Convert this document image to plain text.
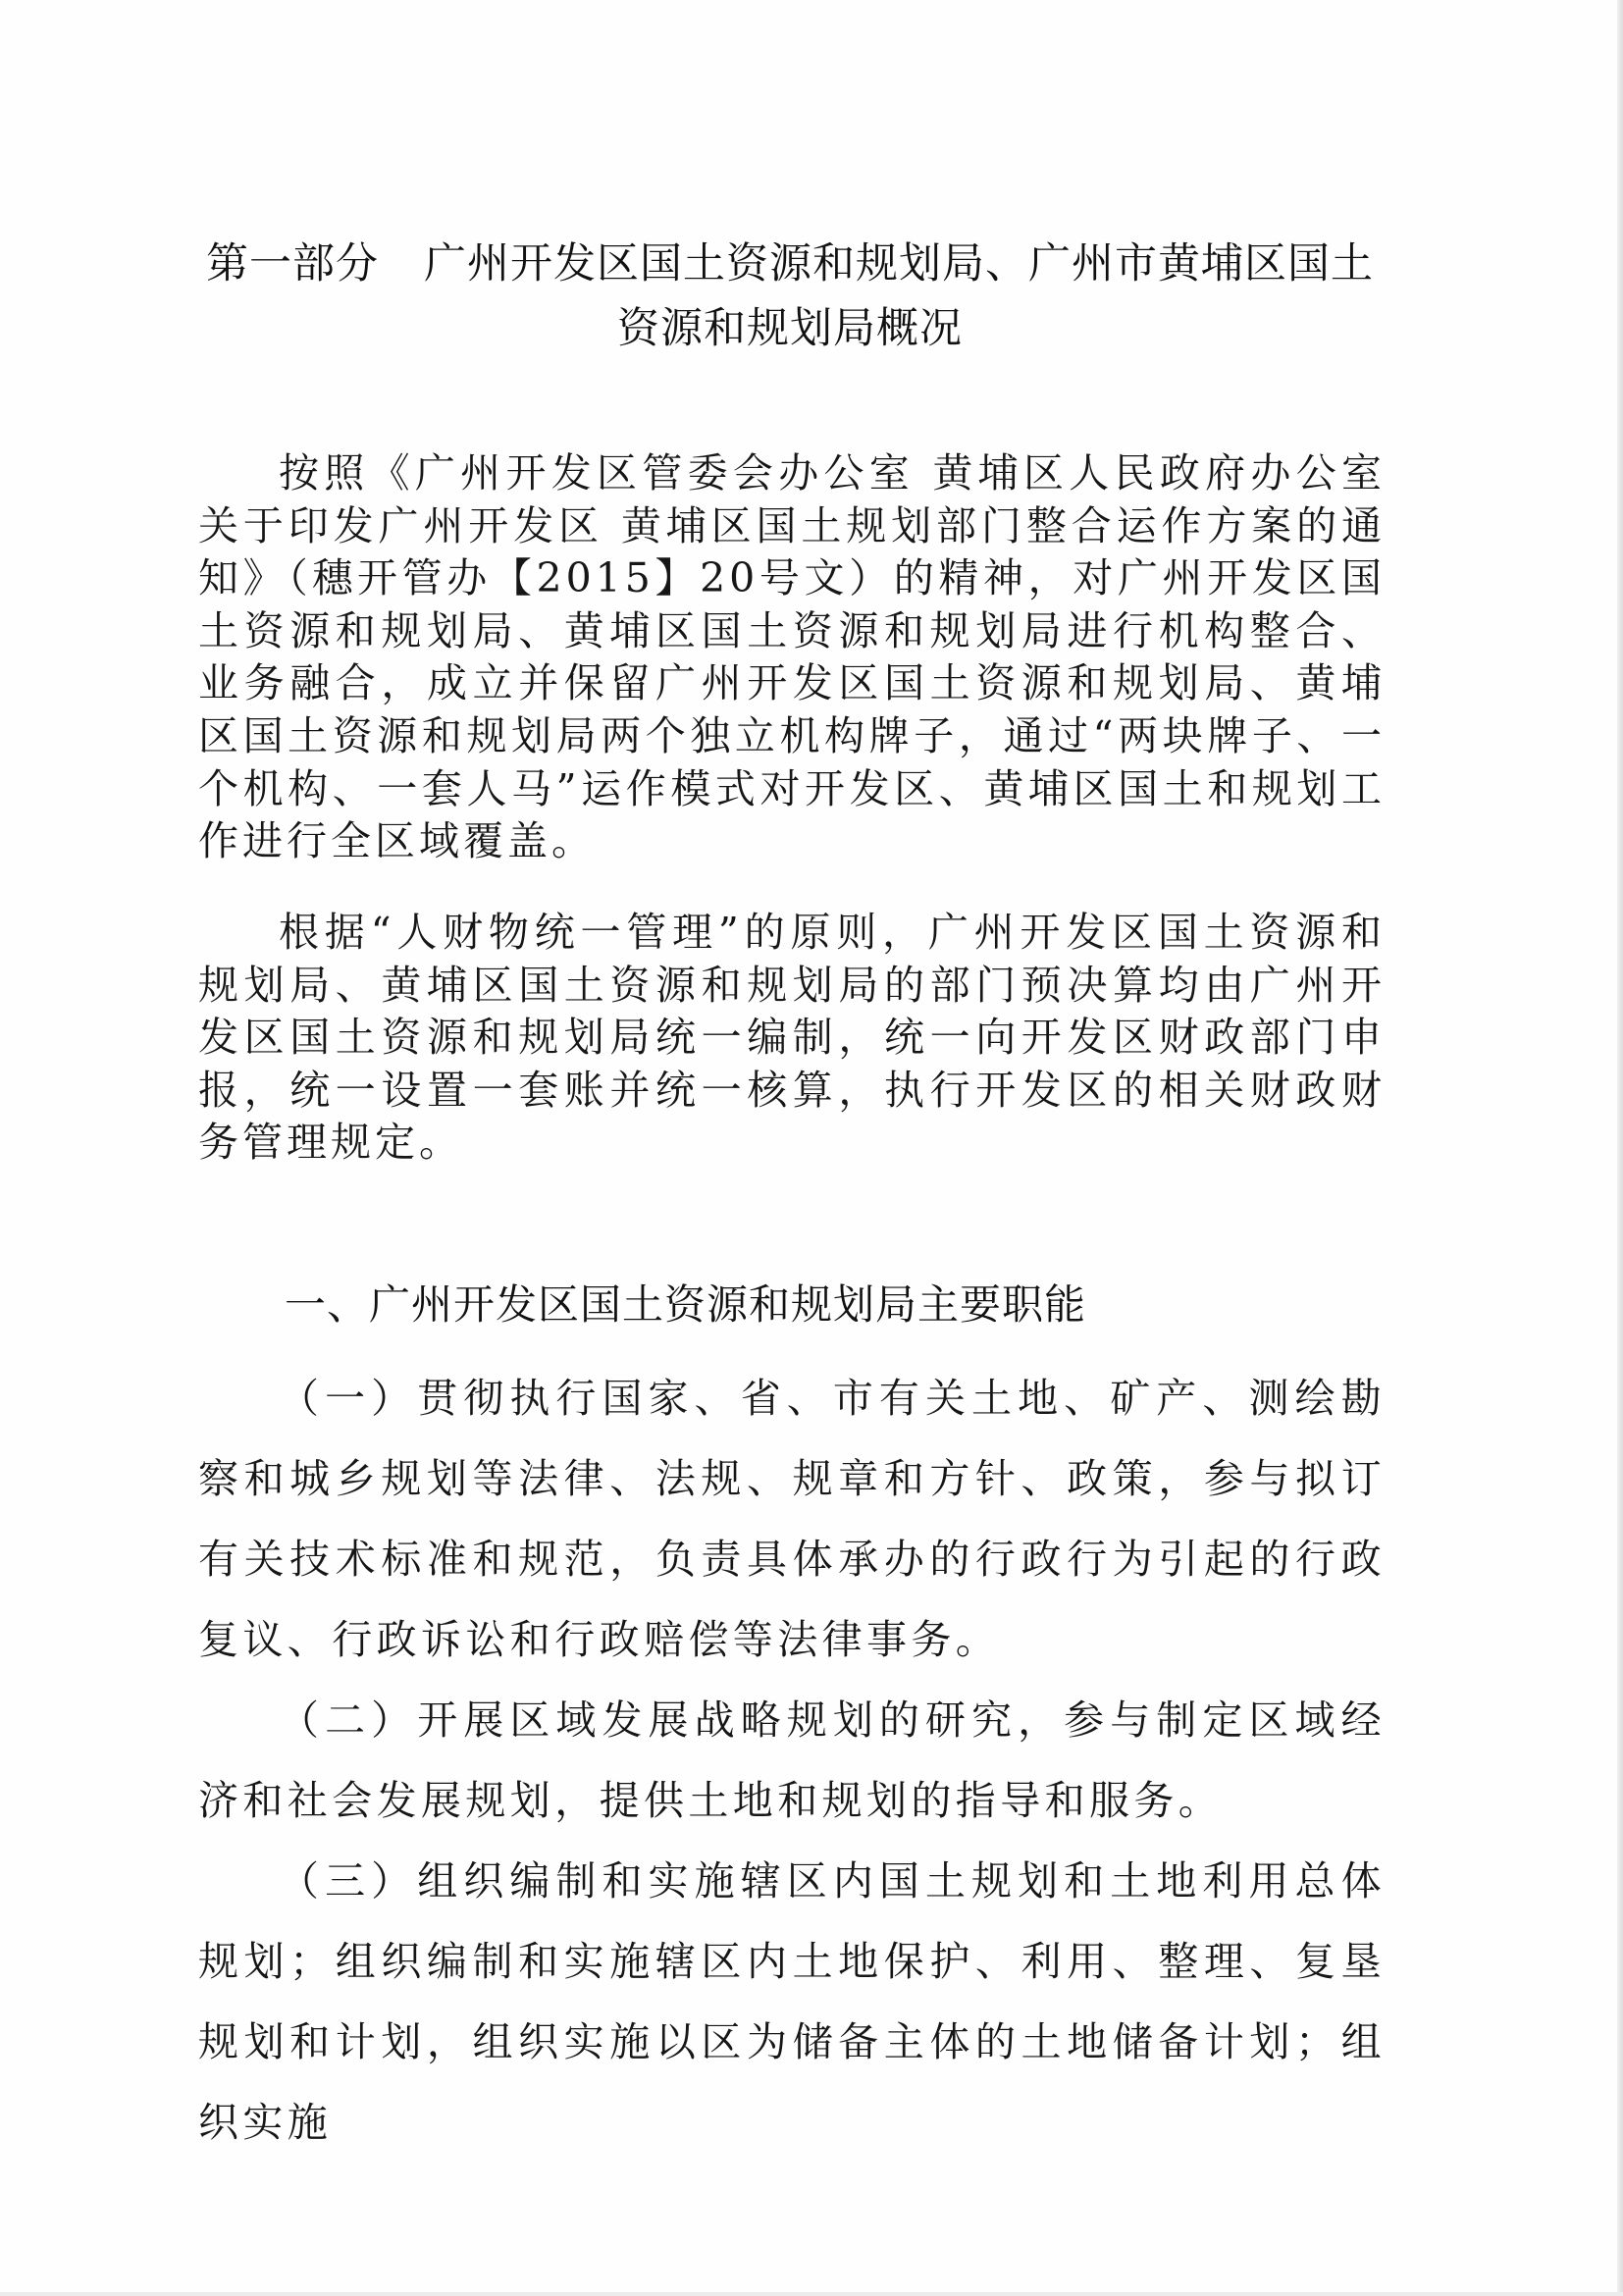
第一部分 广州开发区国土资源和规划局、广州市黄埔区国土
资源和规划局概况

按照《广州开发区管委会办公室 黄埔区人民政府办公室关于印发广州开发区 黄埔区国土规划部门整合运作方案的通知》（穗开管办【2015】20号文）的精神，对广州开发区国土资源和规划局、黄埔区国土资源和规划局进行机构整合、业务融合，成立并保留广州开发区国土资源和规划局、黄埔区国土资源和规划局两个独立机构牌子，通过“两块牌子、一个机构、一套人马”运作模式对开发区、黄埔区国土和规划工作进行全区域覆盖。

根据“人财物统一管理”的原则，广州开发区国土资源和规划局、黄埔区国土资源和规划局的部门预决算均由广州开发区国土资源和规划局统一编制，统一向开发区财政部门申报，统一设置一套账并统一核算，执行开发区的相关财政财务管理规定。

一、广州开发区国土资源和规划局主要职能

（一）贯彻执行国家、省、市有关土地、矿产、测绘勘察和城乡规划等法律、法规、规章和方针、政策，参与拟订有关技术标准和规范，负责具体承办的行政行为引起的行政复议、行政诉讼和行政赔偿等法律事务。

（二）开展区域发展战略规划的研究，参与制定区域经济和社会发展规划，提供土地和规划的指导和服务。

（三）组织编制和实施辖区内国土规划和土地利用总体规划；组织编制和实施辖区内土地保护、利用、整理、复垦规划和计划，组织实施以区为储备主体的土地储备计划；组织实施
